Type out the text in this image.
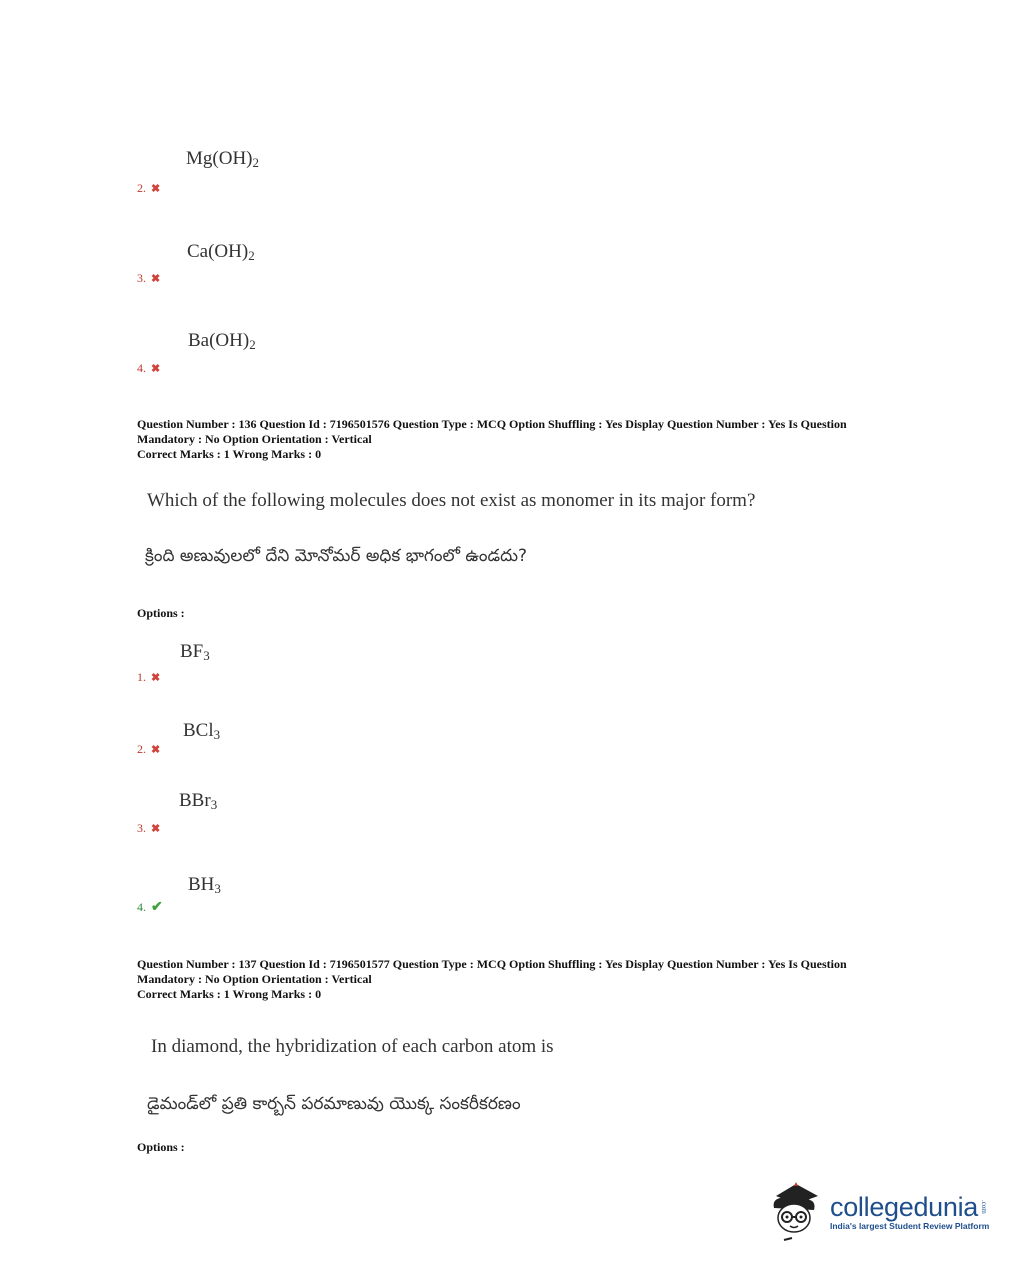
$Mg(OH)_2$
2. ✖
$Ca(OH)_2$
3. ✖
$Ba(OH)_2$
4. ✖
Question Number : 136 Question Id : 7196501576 Question Type : MCQ Option Shuffling : Yes Display Question Number : Yes Is Question Mandatory : No Option Orientation : Vertical
Correct Marks : 1 Wrong Marks : 0
Which of the following molecules does not exist as monomer in its major form?
క్రింది అణువులలో దేని మోనోమర్ అధిక భాగంలో ఉండదు?
Options :
$BF_3$
1. ✖
BCl$_3$
2. ✖
BBr$_3$
3. ✖
$BH_3$
4. ✔
Question Number : 137 Question Id : 7196501577 Question Type : MCQ Option Shuffling : Yes Display Question Number : Yes Is Question Mandatory : No Option Orientation : Vertical
Correct Marks : 1 Wrong Marks : 0
In diamond, the hybridization of each carbon atom is
డైమండ్‌లో ప్రతి కార్బన్ పరమాణువు యొక్క సంకరీకరణం
Options :
collegedunia .com
India's largest Student Review Platform
